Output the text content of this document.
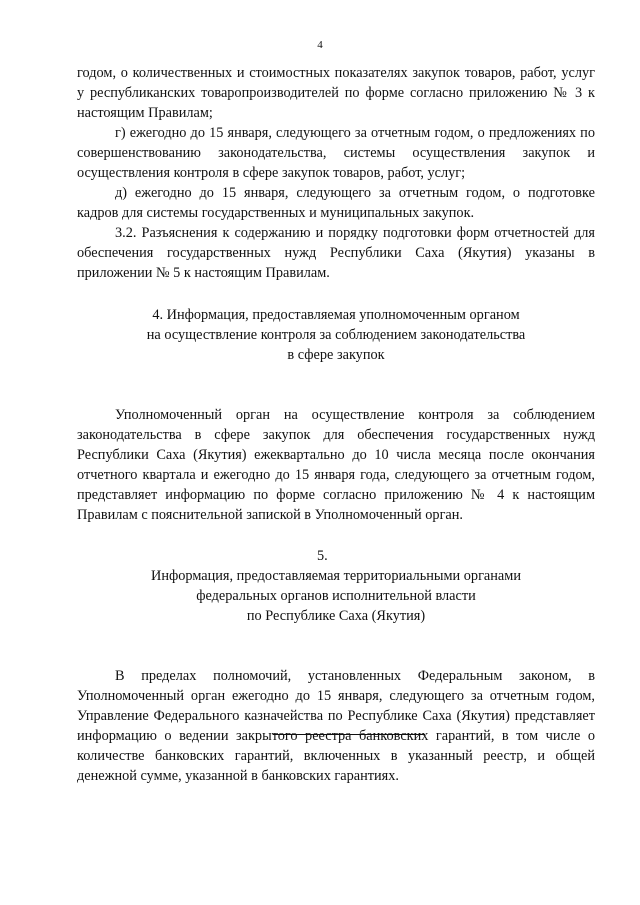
4

годом, о количественных и стоимостных показателях закупок товаров, работ, услуг у республиканских товаропроизводителей по форме согласно приложению № 3 к настоящим Правилам;

г) ежегодно до 15 января, следующего за отчетным годом, о предложениях по совершенствованию законодательства, системы осуществления закупок и осуществления контроля в сфере закупок товаров, работ, услуг;

д) ежегодно до 15 января, следующего за отчетным годом, о подготовке кадров для системы государственных и муниципальных закупок.

3.2. Разъяснения к содержанию и порядку подготовки форм отчетностей для обеспечения государственных нужд Республики Саха (Якутия) указаны в приложении № 5 к настоящим Правилам.

4. Информация, предоставляемая уполномоченным органом
на осуществление контроля за соблюдением законодательства
в сфере закупок

Уполномоченный орган на осуществление контроля за соблюдением законодательства в сфере закупок для обеспечения государственных нужд Республики Саха (Якутия) ежеквартально до 10 числа месяца после окончания отчетного квартала и ежегодно до 15 января года, следующего за отчетным годом, представляет информацию по форме согласно приложению № 4 к настоящим Правилам с пояснительной запиской в Уполномоченный орган.

5.
Информация, предоставляемая территориальными органами
федеральных органов исполнительной власти
по Республике Саха (Якутия)

В пределах полномочий, установленных Федеральным законом, в Уполномоченный орган ежегодно до 15 января, следующего за отчетным годом, Управление Федерального казначейства по Республике Саха (Якутия) представляет информацию о ведении закрытого реестра банковских гарантий, в том числе о количестве банковских гарантий, включенных в указанный реестр, и общей денежной сумме, указанной в банковских гарантиях.
